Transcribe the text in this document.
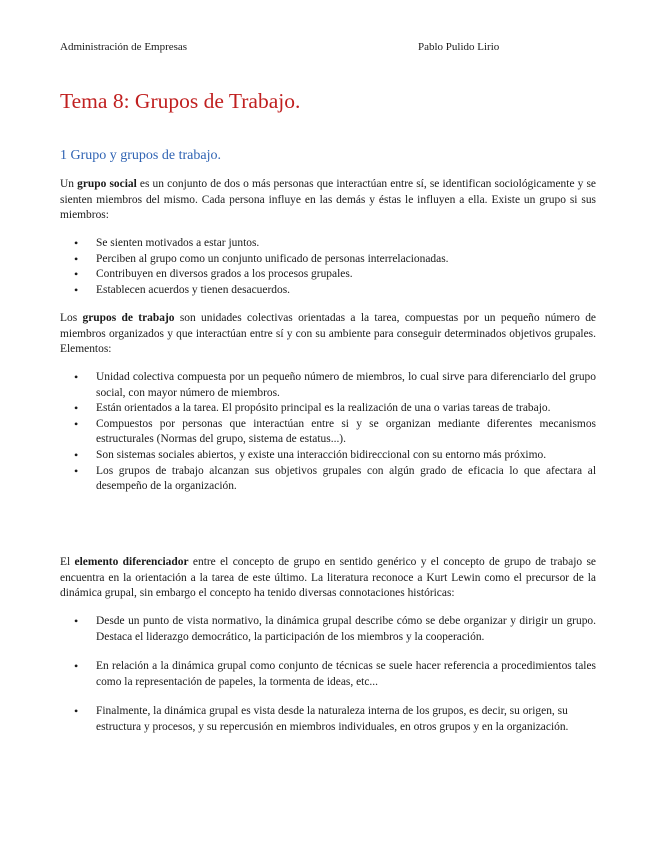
Administración de Empresas	Pablo Pulido Lirio
Tema 8: Grupos de Trabajo.
1 Grupo y grupos de trabajo.

Un grupo social es un conjunto de dos o más personas que interactúan entre sí, se identifican sociológicamente y se sienten miembros del mismo. Cada persona influye en las demás y éstas le influyen a ella. Existe un grupo si sus miembros:

• Se sienten motivados a estar juntos.
• Perciben al grupo como un conjunto unificado de personas interrelacionadas.
• Contribuyen en diversos grados a los procesos grupales.
• Establecen acuerdos y tienen desacuerdos.

Los grupos de trabajo son unidades colectivas orientadas a la tarea, compuestas por un pequeño número de miembros organizados y que interactúan entre sí y con su ambiente para conseguir determinados objetivos grupales. Elementos:

• Unidad colectiva compuesta por un pequeño número de miembros, lo cual sirve para diferenciarlo del grupo social, con mayor número de miembros.
• Están orientados a la tarea. El propósito principal es la realización de una o varias tareas de trabajo.
• Compuestos por personas que interactúan entre si y se organizan mediante diferentes mecanismos estructurales (Normas del grupo, sistema de estatus...).
• Son sistemas sociales abiertos, y existe una interacción bidireccional con su entorno más próximo.
• Los grupos de trabajo alcanzan sus objetivos grupales con algún grado de eficacia lo que afectara al desempeño de la organización.

El elemento diferenciador entre el concepto de grupo en sentido genérico y el concepto de grupo de trabajo se encuentra en la orientación a la tarea de este último. La literatura reconoce a Kurt Lewin como el precursor de la dinámica grupal, sin embargo el concepto ha tenido diversas connotaciones históricas:

• Desde un punto de vista normativo, la dinámica grupal describe cómo se debe organizar y dirigir un grupo. Destaca el liderazgo democrático, la participación de los miembros y la cooperación.
• En relación a la dinámica grupal como conjunto de técnicas se suele hacer referencia a procedimientos tales como la representación de papeles, la tormenta de ideas, etc...
• Finalmente, la dinámica grupal es vista desde la naturaleza interna de los grupos, es decir, su origen, su estructura y procesos, y su repercusión en miembros individuales, en otros grupos y en la organización.
